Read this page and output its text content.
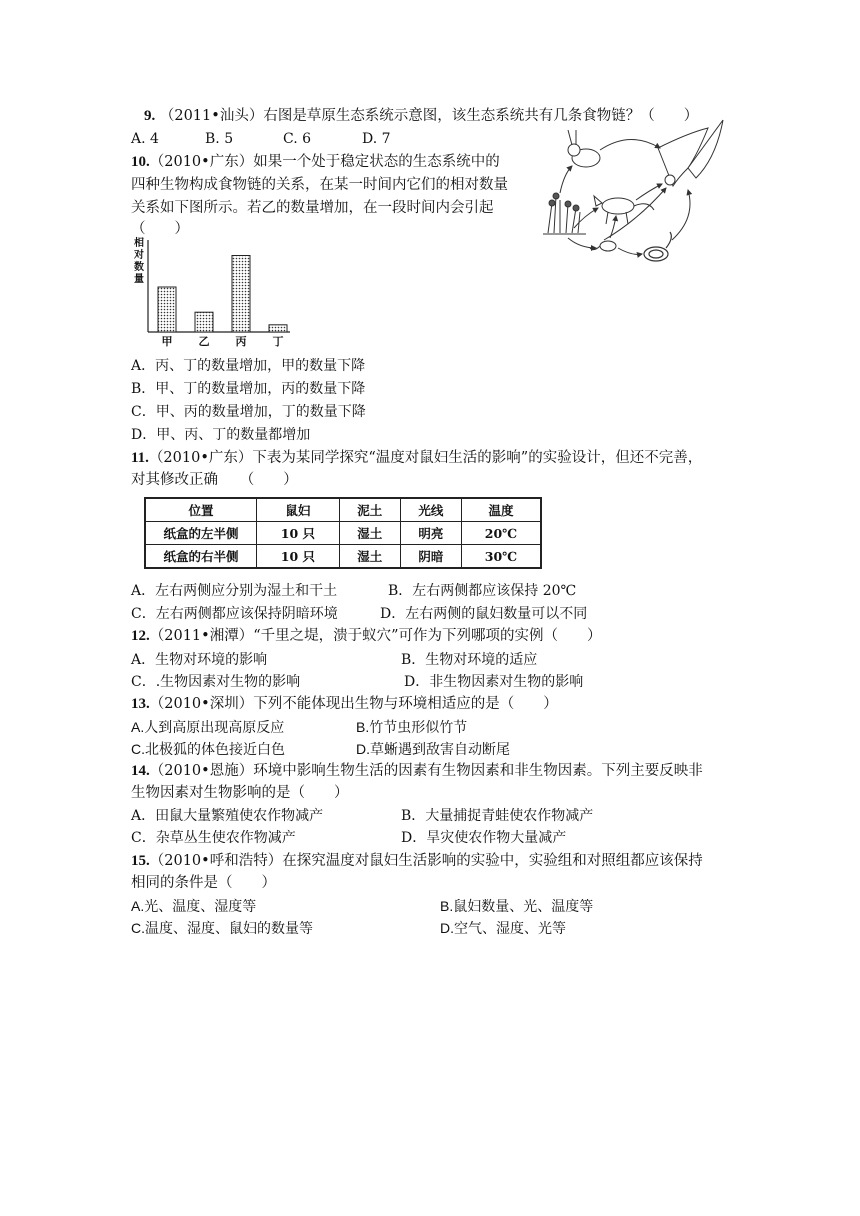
9. （2011•汕头）右图是草原生态系统示意图，该生态系统共有几条食物链？（　　）
A. 4	B. 5	C. 6	D. 7
10.（2010•广东）如果一个处于稳定状态的生态系统中的
四种生物构成食物链的关系，在某一时间内它们的相对数量
关系如下图所示。若乙的数量增加，在一段时间内会引起
（　　）
相
对
数
量
甲 乙 丙 丁
A．丙、丁的数量增加，甲的数量下降
B．甲、丁的数量增加，丙的数量下降
C．甲、丙的数量增加，丁的数量下降
D．甲、丙、丁的数量都增加
11.（2010•广东）下表为某同学探究“温度对鼠妇生活的影响”的实验设计，但还不完善，
对其修改正确　　（　　）
位置	鼠妇	泥土	光线	温度
纸盒的左半侧	10 只	湿土	明亮	20℃
纸盒的右半侧	10 只	湿土	阴暗	30℃
A．左右两侧应分别为湿土和干土	B．左右两侧都应该保持 20℃
C．左右两侧都应该保持阴暗环境	D．左右两侧的鼠妇数量可以不同
12.（2011•湘潭）“千里之堤，溃于蚁穴”可作为下列哪项的实例（　　）
A．生物对环境的影响	B．生物对环境的适应
C．.生物因素对生物的影响	D．非生物因素对生物的影响
13.（2010•深圳）下列不能体现出生物与环境相适应的是（　　）
A.人到高原出现高原反应	B.竹节虫形似竹节
C.北极狐的体色接近白色	D.草蜥遇到敌害自动断尾
14.（2010•恩施）环境中影响生物生活的因素有生物因素和非生物因素。下列主要反映非
生物因素对生物影响的是（　　）
A．田鼠大量繁殖使农作物减产	B．大量捕捉青蛙使农作物减产
C．杂草丛生使农作物减产	D．旱灾使农作物大量减产
15.（2010•呼和浩特）在探究温度对鼠妇生活影响的实验中，实验组和对照组都应该保持
相同的条件是（　　）
A.光、温度、湿度等	B.鼠妇数量、光、温度等
C.温度、湿度、鼠妇的数量等	D.空气、湿度、光等
